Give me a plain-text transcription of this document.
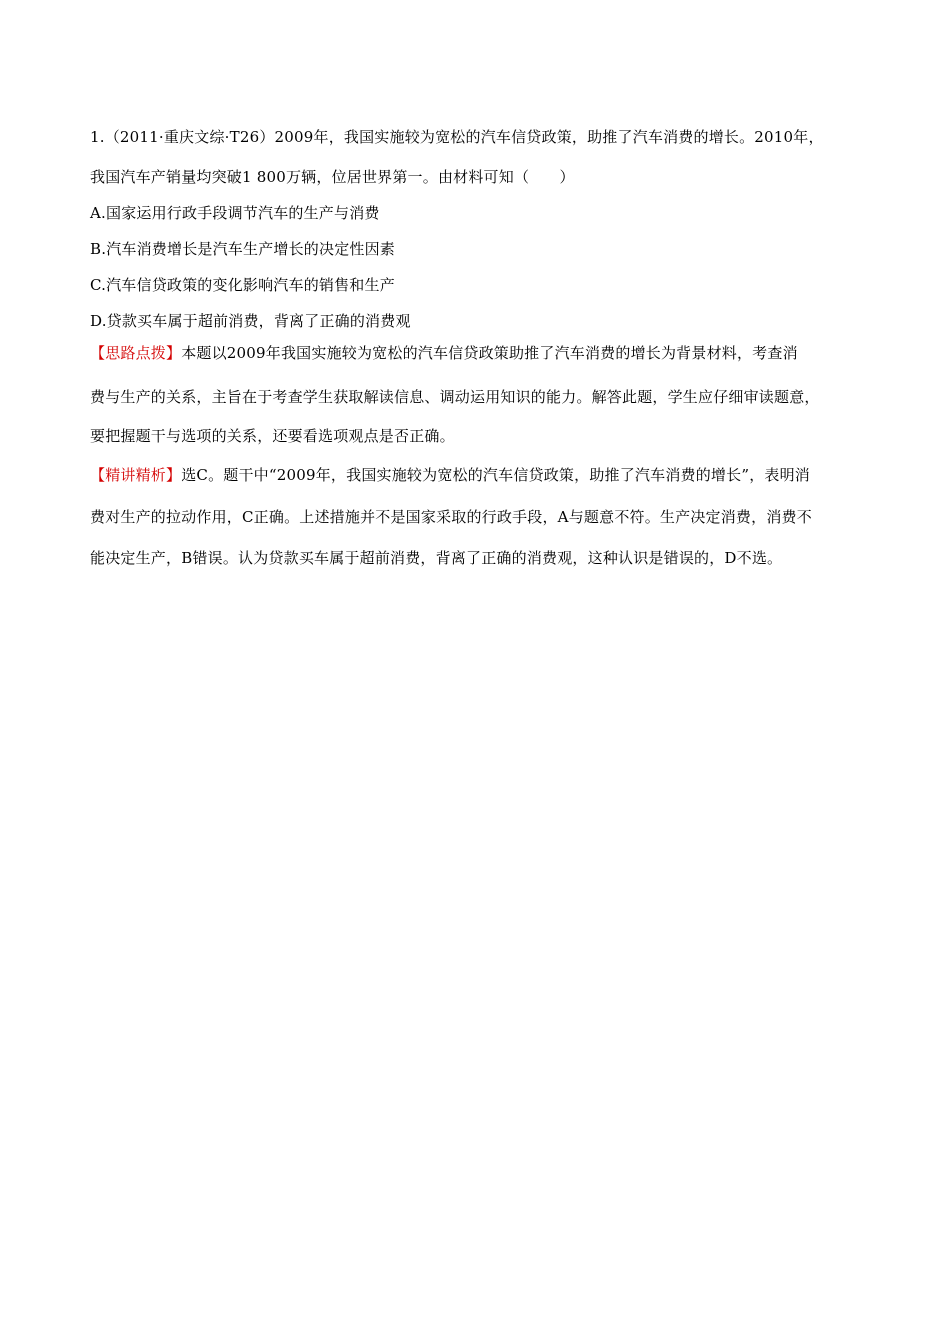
1.（2011·重庆文综·T26）2009年，我国实施较为宽松的汽车信贷政策，助推了汽车消费的增长。2010年，
我国汽车产销量均突破1 800万辆，位居世界第一。由材料可知（　　）
A.国家运用行政手段调节汽车的生产与消费
B.汽车消费增长是汽车生产增长的决定性因素
C.汽车信贷政策的变化影响汽车的销售和生产
D.贷款买车属于超前消费，背离了正确的消费观
【思路点拨】本题以2009年我国实施较为宽松的汽车信贷政策助推了汽车消费的增长为背景材料，考查消
费与生产的关系，主旨在于考查学生获取解读信息、调动运用知识的能力。解答此题，学生应仔细审读题意，
要把握题干与选项的关系，还要看选项观点是否正确。
【精讲精析】选C。题干中“2009年，我国实施较为宽松的汽车信贷政策，助推了汽车消费的增长”，表明消
费对生产的拉动作用，C正确。上述措施并不是国家采取的行政手段，A与题意不符。生产决定消费，消费不
能决定生产，B错误。认为贷款买车属于超前消费，背离了正确的消费观，这种认识是错误的，D不选。
